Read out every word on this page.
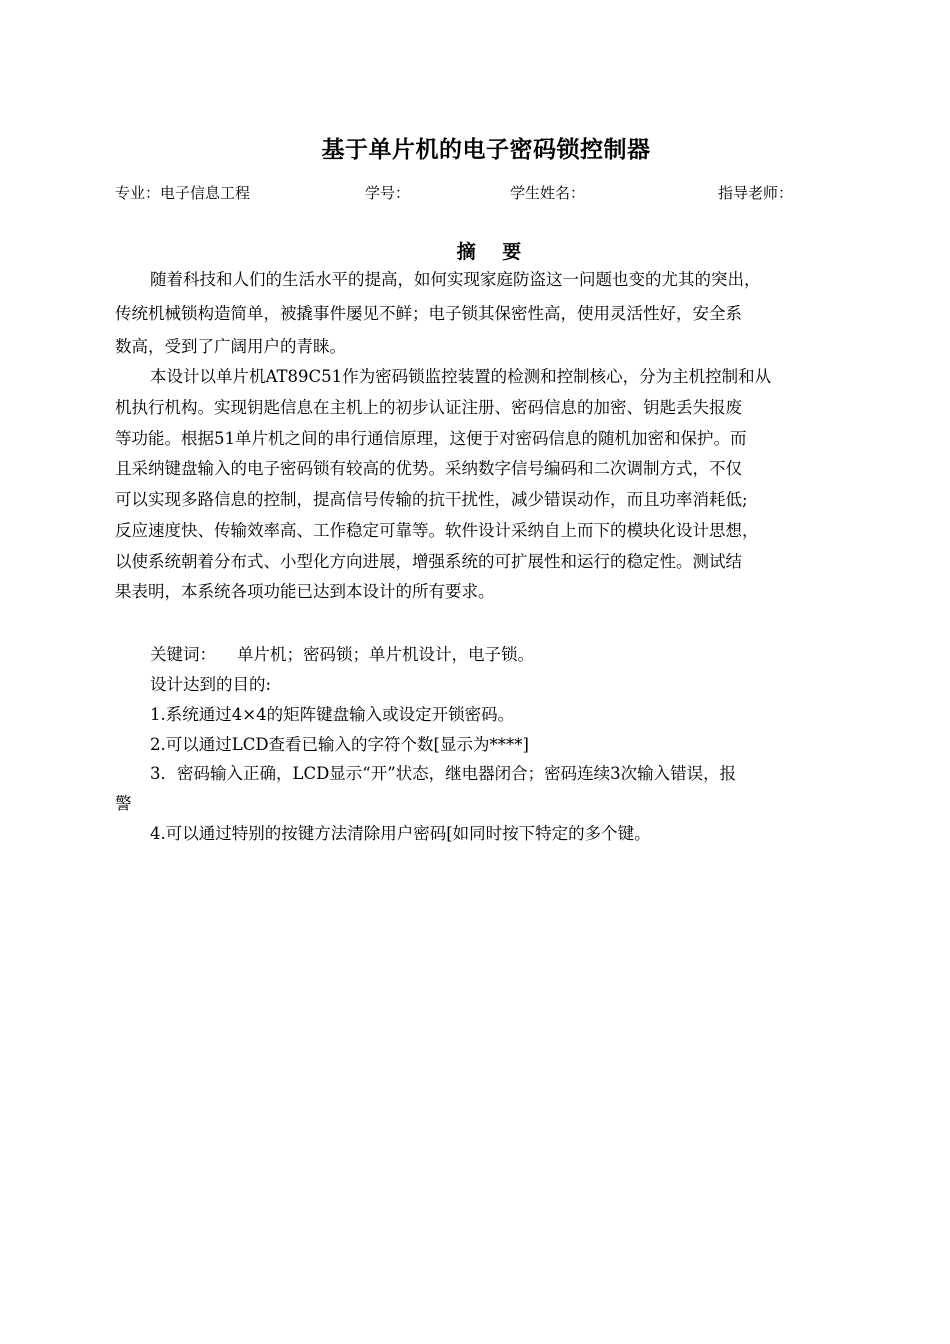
基于单片机的电子密码锁控制器
专业：电子信息工程	学号：	学生姓名：	指导老师：
摘 要
随着科技和人们的生活水平的提高，如何实现家庭防盗这一问题也变的尤其的突出，
传统机械锁构造简单，被撬事件屡见不鲜；电子锁其保密性高，使用灵活性好，安全系
数高，受到了广阔用户的青睐。
本设计以单片机AT89C51作为密码锁监控装置的检测和控制核心，分为主机控制和从
机执行机构。实现钥匙信息在主机上的初步认证注册、密码信息的加密、钥匙丢失报废
等功能。根据51单片机之间的串行通信原理，这便于对密码信息的随机加密和保护。而
且采纳键盘输入的电子密码锁有较高的优势。采纳数字信号编码和二次调制方式，不仅
可以实现多路信息的控制，提高信号传输的抗干扰性，减少错误动作，而且功率消耗低;
反应速度快、传输效率高、工作稳定可靠等。软件设计采纳自上而下的模块化设计思想，
以使系统朝着分布式、小型化方向进展，增强系统的可扩展性和运行的稳定性。测试结
果表明，本系统各项功能已达到本设计的所有要求。
关键词：    单片机；密码锁；单片机设计，电子锁。
设计达到的目的:
1.系统通过4×4的矩阵键盘输入或设定开锁密码。
2.可以通过LCD查看已输入的字符个数[显示为****]
3．密码输入正确，LCD显示“开”状态，继电器闭合；密码连续3次输入错误，报
警
4.可以通过特别的按键方法清除用户密码[如同时按下特定的多个键。
